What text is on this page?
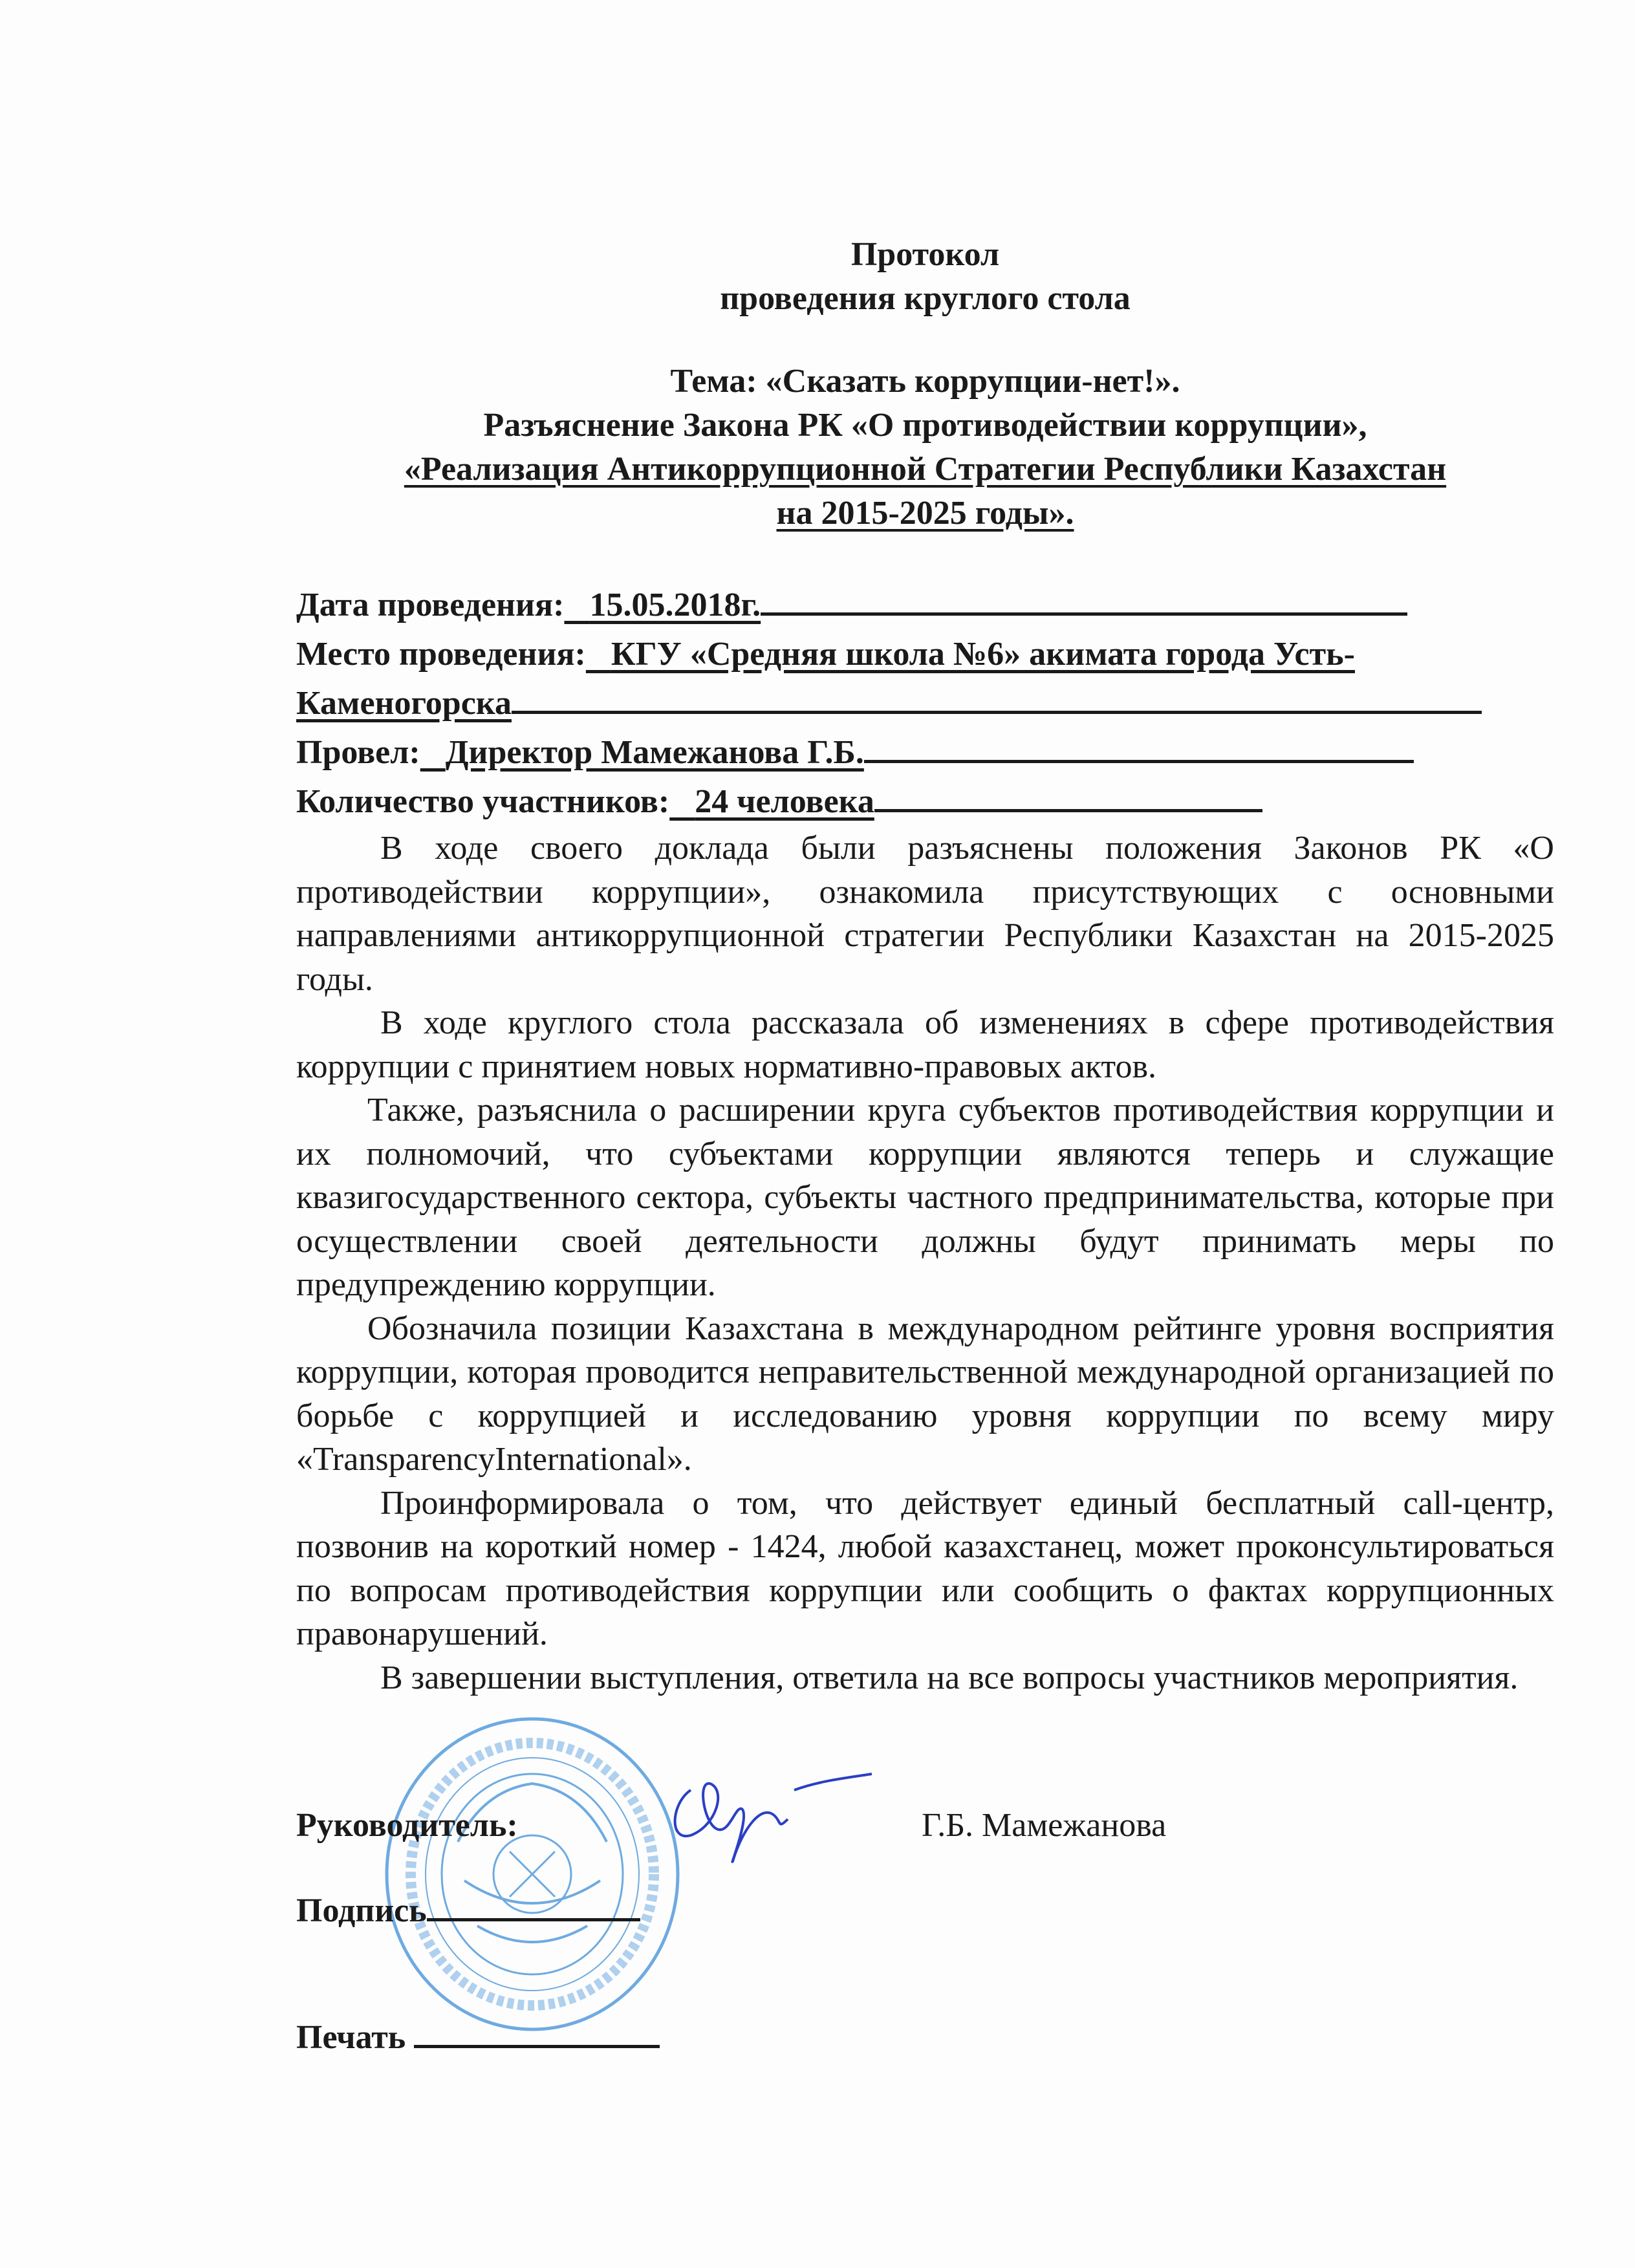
Протокол
проведения круглого стола
Тема: «Сказать коррупции-нет!».
Разъяснение Закона РК «О противодействии коррупции»,
«Реализация Антикоррупционной Стратегии Республики Казахстан
на 2015-2025 годы».
Дата проведения: 15.05.2018г.
Место проведения: КГУ «Средняя школа №6» акимата города Усть-
Каменогорска
Провел: Директор Мамежанова Г.Б.
Количество участников: 24 человека

В ходе своего доклада были разъяснены положения Законов РК «О противодействии коррупции», ознакомила присутствующих с основными направлениями антикоррупционной стратегии Республики Казахстан на 2015-2025 годы.

В ходе круглого стола рассказала об изменениях в сфере противодействия коррупции с принятием новых нормативно-правовых актов.

Также, разъяснила о расширении круга субъектов противодействия коррупции и их полномочий, что субъектами коррупции являются теперь и служащие квазигосударственного сектора, субъекты частного предпринимательства, которые при осуществлении своей деятельности должны будут принимать меры по предупреждению коррупции.

Обозначила позиции Казахстана в международном рейтинге уровня восприятия коррупции, которая проводится неправительственной международной организацией по борьбе с коррупцией и исследованию уровня коррупции по всему миру «TransparencyInternational».

Проинформировала о том, что действует единый бесплатный call-центр, позвонив на короткий номер - 1424, любой казахстанец, может проконсультироваться по вопросам противодействия коррупции или сообщить о фактах коррупционных правонарушений.

В завершении выступления, ответила на все вопросы участников мероприятия.

Руководитель:	Г.Б. Мамежанова
Подпись
Печать
